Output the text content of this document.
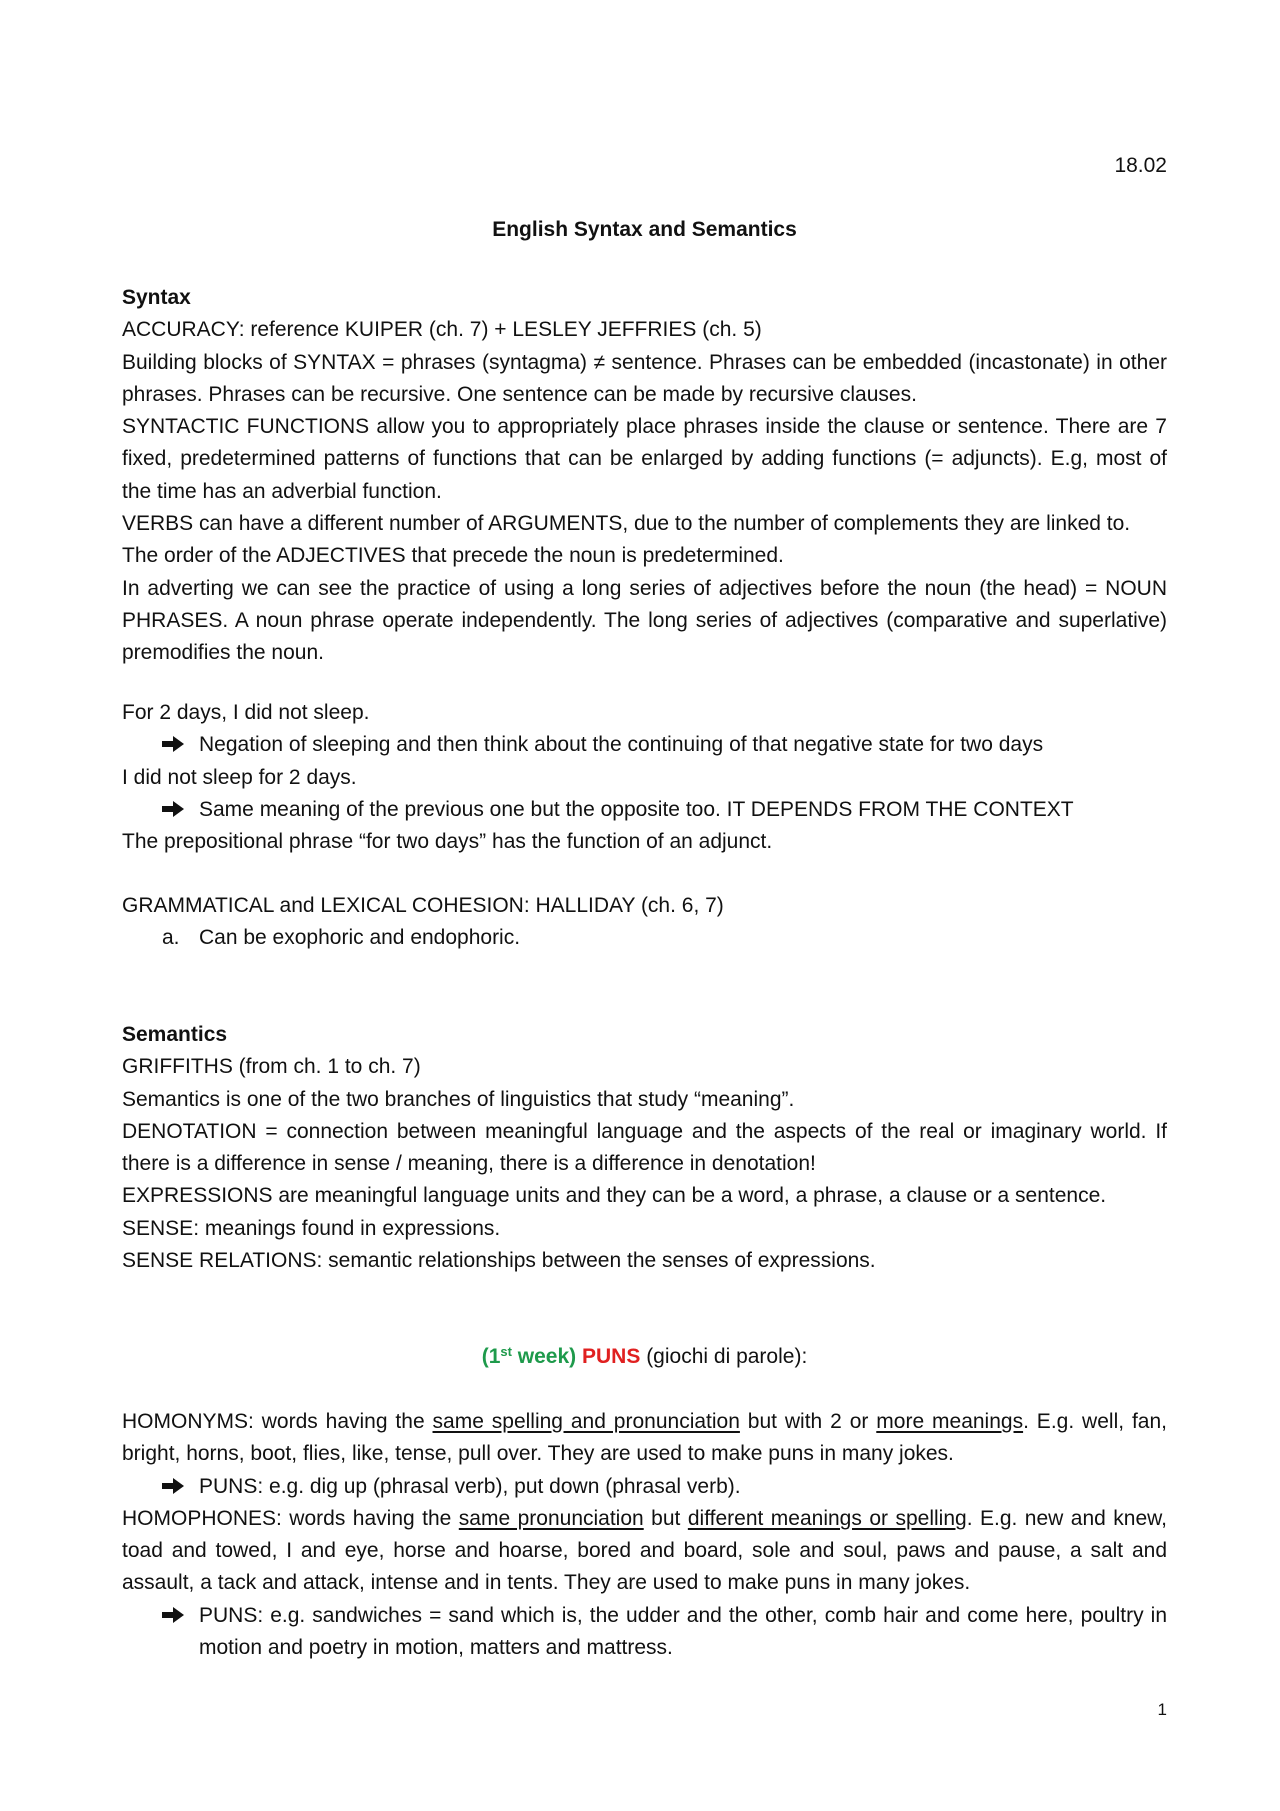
18.02
English Syntax and Semantics
Syntax
ACCURACY: reference KUIPER (ch. 7) + LESLEY JEFFRIES (ch. 5)
Building blocks of SYNTAX = phrases (syntagma) ≠ sentence. Phrases can be embedded (incastonate) in other phrases. Phrases can be recursive. One sentence can be made by recursive clauses.
SYNTACTIC FUNCTIONS allow you to appropriately place phrases inside the clause or sentence. There are 7 fixed, predetermined patterns of functions that can be enlarged by adding functions (= adjuncts). E.g, most of the time has an adverbial function.
VERBS can have a different number of ARGUMENTS, due to the number of complements they are linked to.
The order of the ADJECTIVES that precede the noun is predetermined.
In adverting we can see the practice of using a long series of adjectives before the noun (the head) = NOUN PHRASES. A noun phrase operate independently. The long series of adjectives (comparative and superlative) premodifies the noun.
For 2 days, I did not sleep.
Negation of sleeping and then think about the continuing of that negative state for two days
I did not sleep for 2 days.
Same meaning of the previous one but the opposite too. IT DEPENDS FROM THE CONTEXT
The prepositional phrase “for two days” has the function of an adjunct.
GRAMMATICAL and LEXICAL COHESION: HALLIDAY (ch. 6, 7)
a. Can be exophoric and endophoric.
Semantics
GRIFFITHS (from ch. 1 to ch. 7)
Semantics is one of the two branches of linguistics that study “meaning”.
DENOTATION = connection between meaningful language and the aspects of the real or imaginary world. If there is a difference in sense / meaning, there is a difference in denotation!
EXPRESSIONS are meaningful language units and they can be a word, a phrase, a clause or a sentence.
SENSE: meanings found in expressions.
SENSE RELATIONS: semantic relationships between the senses of expressions.
(1st week) PUNS (giochi di parole):
HOMONYMS: words having the same spelling and pronunciation but with 2 or more meanings. E.g. well, fan, bright, horns, boot, flies, like, tense, pull over. They are used to make puns in many jokes.
PUNS: e.g. dig up (phrasal verb), put down (phrasal verb).
HOMOPHONES: words having the same pronunciation but different meanings or spelling. E.g. new and knew, toad and towed, I and eye, horse and hoarse, bored and board, sole and soul, paws and pause, a salt and assault, a tack and attack, intense and in tents. They are used to make puns in many jokes.
PUNS: e.g. sandwiches = sand which is, the udder and the other, comb hair and come here, poultry in motion and poetry in motion, matters and mattress.
1
